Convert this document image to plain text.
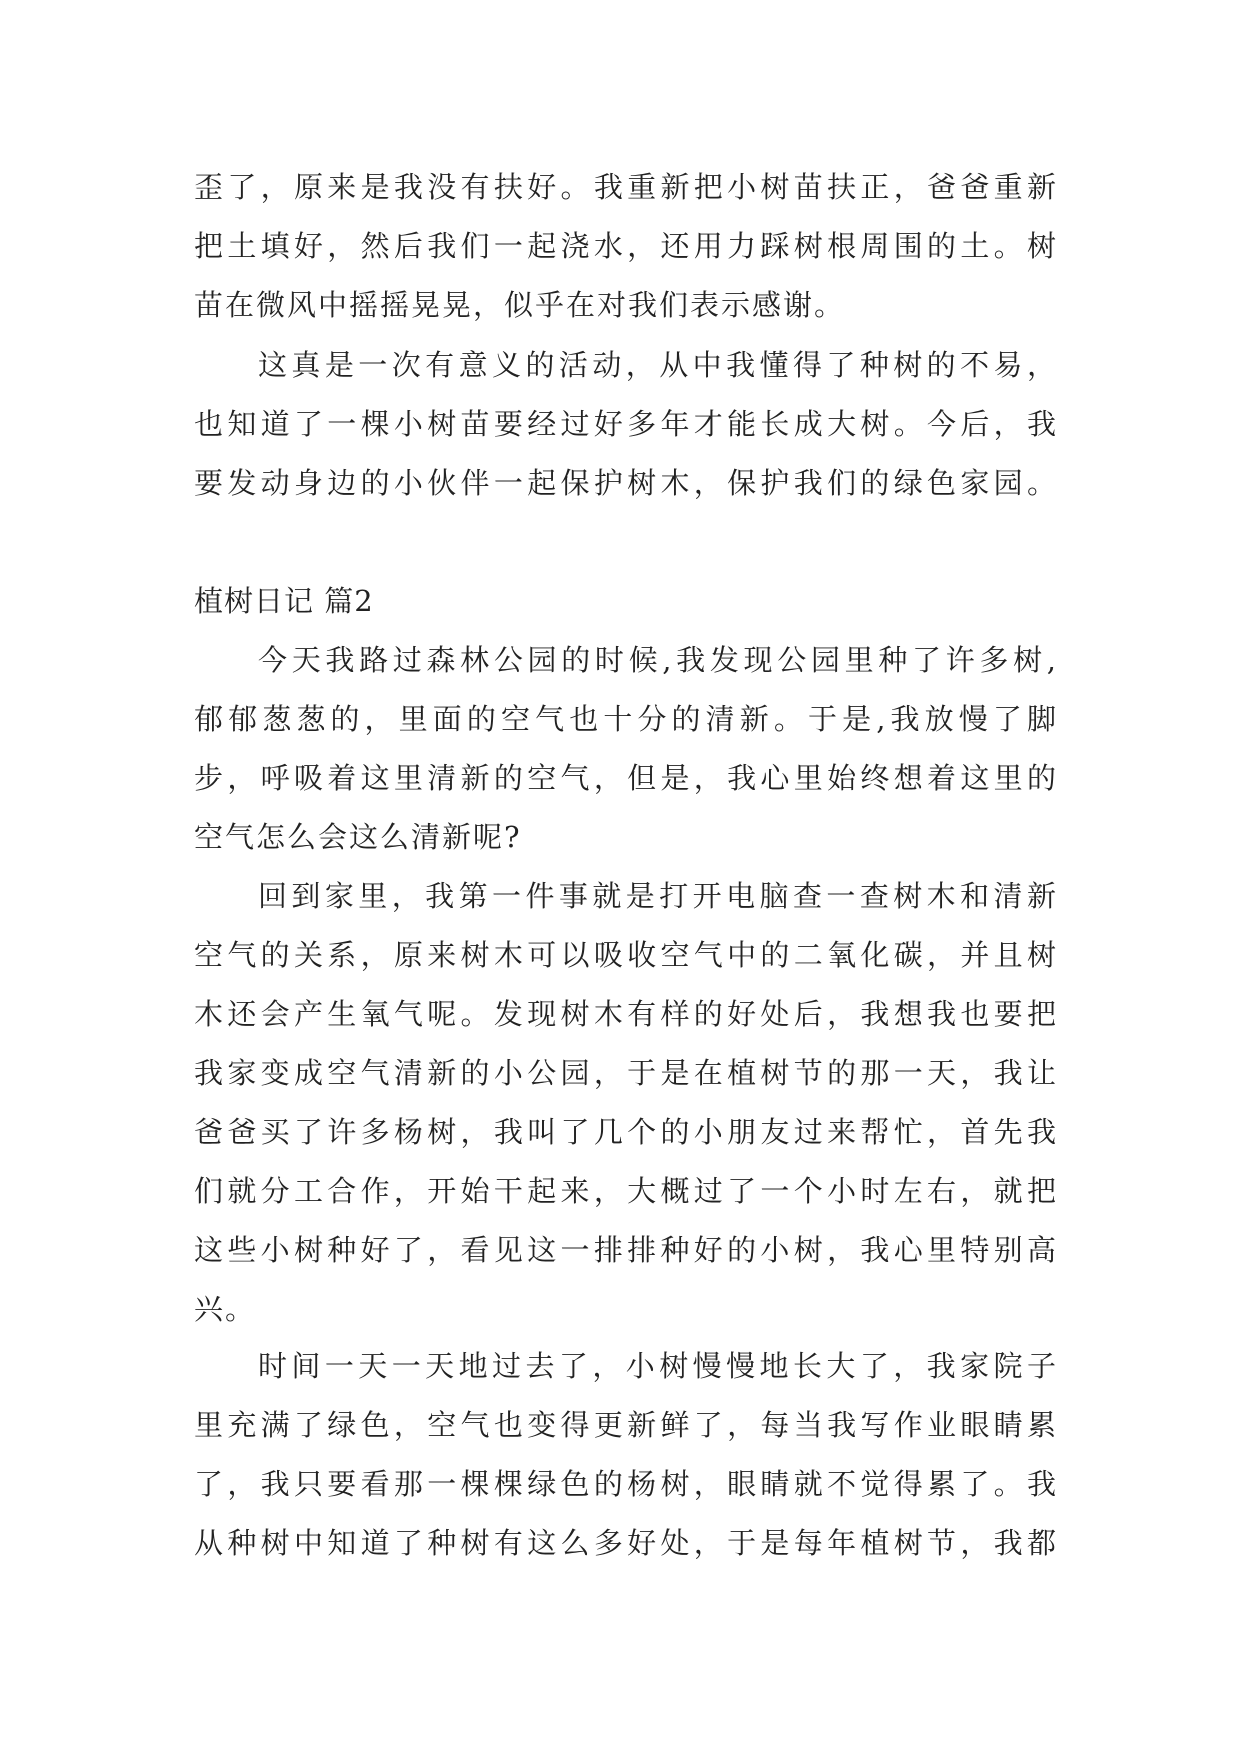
歪了，原来是我没有扶好。我重新把小树苗扶正，爸爸重新
把土填好，然后我们一起浇水，还用力踩树根周围的土。树
苗在微风中摇摇晃晃，似乎在对我们表示感谢。
这真是一次有意义的活动，从中我懂得了种树的不易，
也知道了一棵小树苗要经过好多年才能长成大树。今后，我
要发动身边的小伙伴一起保护树木，保护我们的绿色家园。
植树日记 篇2
今天我路过森林公园的时候,我发现公园里种了许多树,
郁郁葱葱的，里面的空气也十分的清新。于是,我放慢了脚
步，呼吸着这里清新的空气，但是，我心里始终想着这里的
空气怎么会这么清新呢?
回到家里，我第一件事就是打开电脑查一查树木和清新
空气的关系，原来树木可以吸收空气中的二氧化碳，并且树
木还会产生氧气呢。发现树木有样的好处后，我想我也要把
我家变成空气清新的小公园，于是在植树节的那一天，我让
爸爸买了许多杨树，我叫了几个的小朋友过来帮忙，首先我
们就分工合作，开始干起来，大概过了一个小时左右，就把
这些小树种好了，看见这一排排种好的小树，我心里特别高
兴。
时间一天一天地过去了，小树慢慢地长大了，我家院子
里充满了绿色，空气也变得更新鲜了，每当我写作业眼睛累
了，我只要看那一棵棵绿色的杨树，眼睛就不觉得累了。我
从种树中知道了种树有这么多好处，于是每年植树节，我都
